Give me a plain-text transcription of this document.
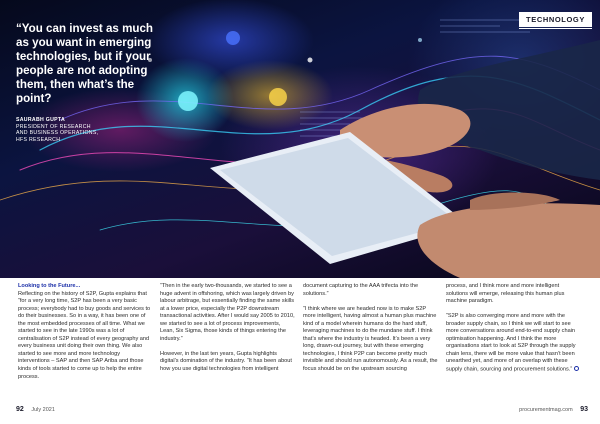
TECHNOLOGY
“You can invest as much as you want in emerging technologies, but if your people are not adopting them, then what’s the point?
SAURABH GUPTA
PRESIDENT OF RESEARCH
AND BUSINESS OPERATIONS,
HFS RESEARCH

Looking to the Future...

Reflecting on the history of S2P, Gupta explains that “for a very long time, S2P has been a very basic process; everybody had to buy goods and services to do their businesses. So in a way, it has been one of the most embedded processes of all time. What we started to see in the late 1990s was a lot of centralisation of S2P instead of every geography and every business unit doing their own thing. We also started to see more and more technology interventions – SAP and then SAP Ariba and those kinds of tools started to come up to help the entire process.

“Then in the early two-thousands, we started to see a huge advent in offshoring, which was largely driven by labour arbitrage, but essentially finding the same skills at a lower price, especially the P2P downstream transactional activities. After I would say 2005 to 2010, we started to see a lot of process improvements, Lean, Six Sigma, those kinds of things entering the industry.”

However, in the last ten years, Gupta highlights digital’s domination of the industry. “It has been about how you use digital technologies from intelligent

document capturing to the AAA trifecta into the solutions.”

“I think where we are headed now is to make S2P more intelligent, having almost a human plus machine kind of a model wherein humans do the hard stuff, leveraging machines to do the mundane stuff. I think that’s where the industry is headed. It’s been a very long, drawn-out journey, but with these emerging technologies, I think P2P can become pretty much invisible and should run autonomously. As a result, the focus should be on the upstream sourcing

process, and I think more and more intelligent solutions will emerge, releasing this human plus machine paradigm.

“S2P is also converging more and more with the broader supply chain, so I think we will start to see more conversations around end-to-end supply chain optimisation happening. And I think the more organisations start to look at S2P through the supply chain lens, there will be more value that hasn’t been unearthed yet, and more of an overlap with these supply chain, sourcing and procurement solutions.”

92 July 2021	procurementmag.com 93
